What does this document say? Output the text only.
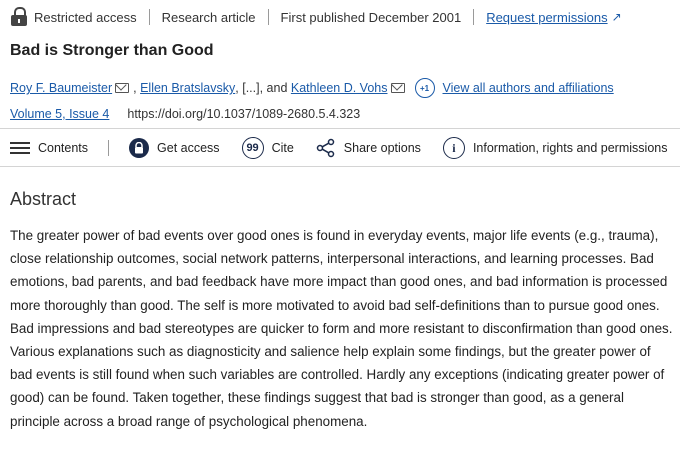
Restricted access Research article First published December 2001 Request permissions ↗
Bad is Stronger than Good
Roy F. Baumeister , Ellen Bratslavsky , [...] , and
Kathleen D. Vohs	+1	View all authors and affiliations
Volume 5, Issue 4 https://doi.org/10.1037/1089-2680.5.4.323
Contents	Get access	99	Cite	Share options	i	Information, rights and permissions
Abstract
The greater power of bad events over good ones is found in everyday events, major life events (e.g., trauma), close relationship outcomes, social network patterns, interpersonal interactions, and learning processes. Bad emotions, bad parents, and bad feedback have more impact than good ones, and bad information is processed more thoroughly than good. The self is more motivated to avoid bad self-definitions than to pursue good ones. Bad impressions and bad stereotypes are quicker to form and more resistant to disconfirmation than good ones. Various explanations such as diagnosticity and salience help explain some findings, but the greater power of bad events is still found when such variables are controlled. Hardly any exceptions (indicating greater power of good) can be found. Taken together, these findings suggest that bad is stronger than good, as a general principle across a broad range of psychological phenomena.
